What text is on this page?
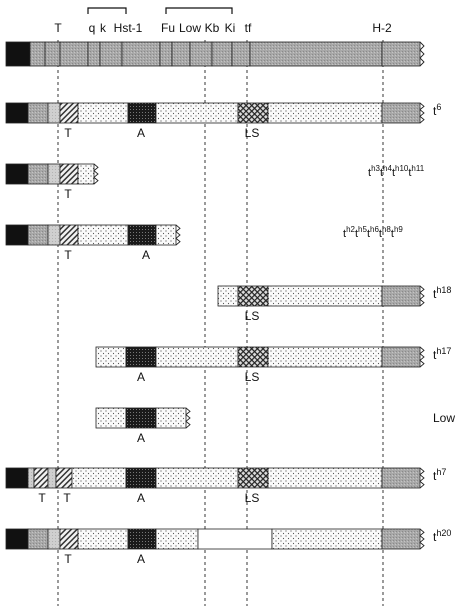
T q k Hst-1 Fu Low Kb Ki tf	H-2
T	A	LS
T
T	A
LS
A	LS
A
T T	A	LS
T	A
$t^6$
$t^{h3}t^{h4}t^{h10}t^{h11}$
$t^{h2}t^{h5}t^{h6}t^{h8}t^{h9}$
$t^{h18}$
$t^{h17}$
Low
$t^{h7}$
$t^{h20}$
